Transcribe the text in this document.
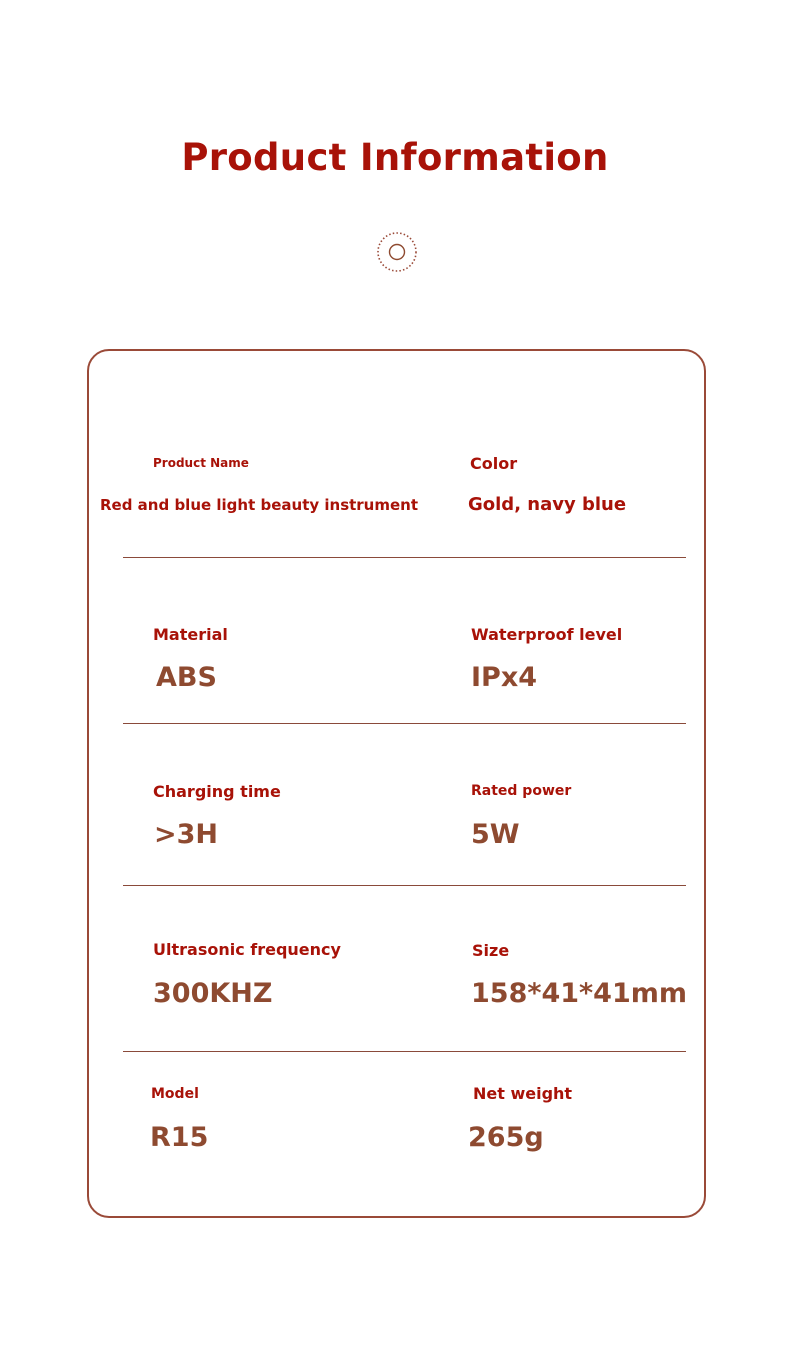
Product Information
Product Name
Red and blue light beauty instrument
Color
Gold, navy blue
Material
ABS
Waterproof level
IPx4
Charging time
>3H
Rated power
5W
Ultrasonic frequency
300KHZ
Size
158*41*41mm
Model
R15
Net weight
265g
